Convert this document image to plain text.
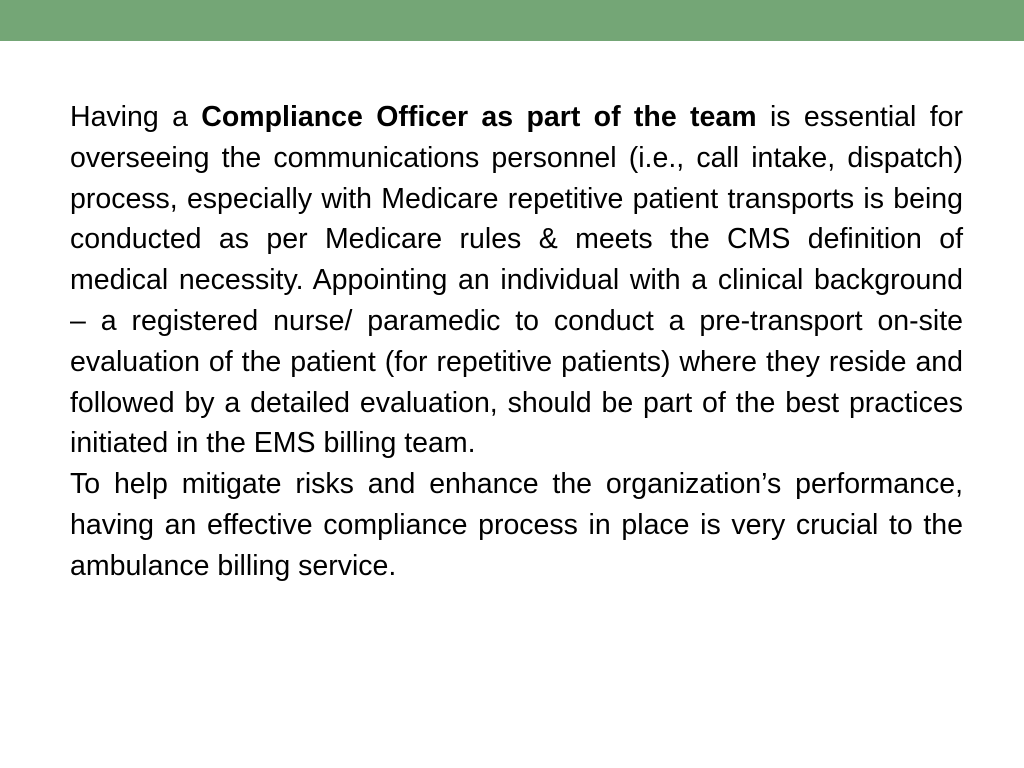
Having a Compliance Officer as part of the team is essential for overseeing the communications personnel (i.e., call intake, dispatch) process, especially with Medicare repetitive patient transports is being conducted as per Medicare rules & meets the CMS definition of medical necessity. Appointing an individual with a clinical background – a registered nurse/ paramedic to conduct a pre-transport on-site evaluation of the patient (for repetitive patients) where they reside and followed by a detailed evaluation, should be part of the best practices initiated in the EMS billing team.

To help mitigate risks and enhance the organization’s performance, having an effective compliance process in place is very crucial to the ambulance billing service.
